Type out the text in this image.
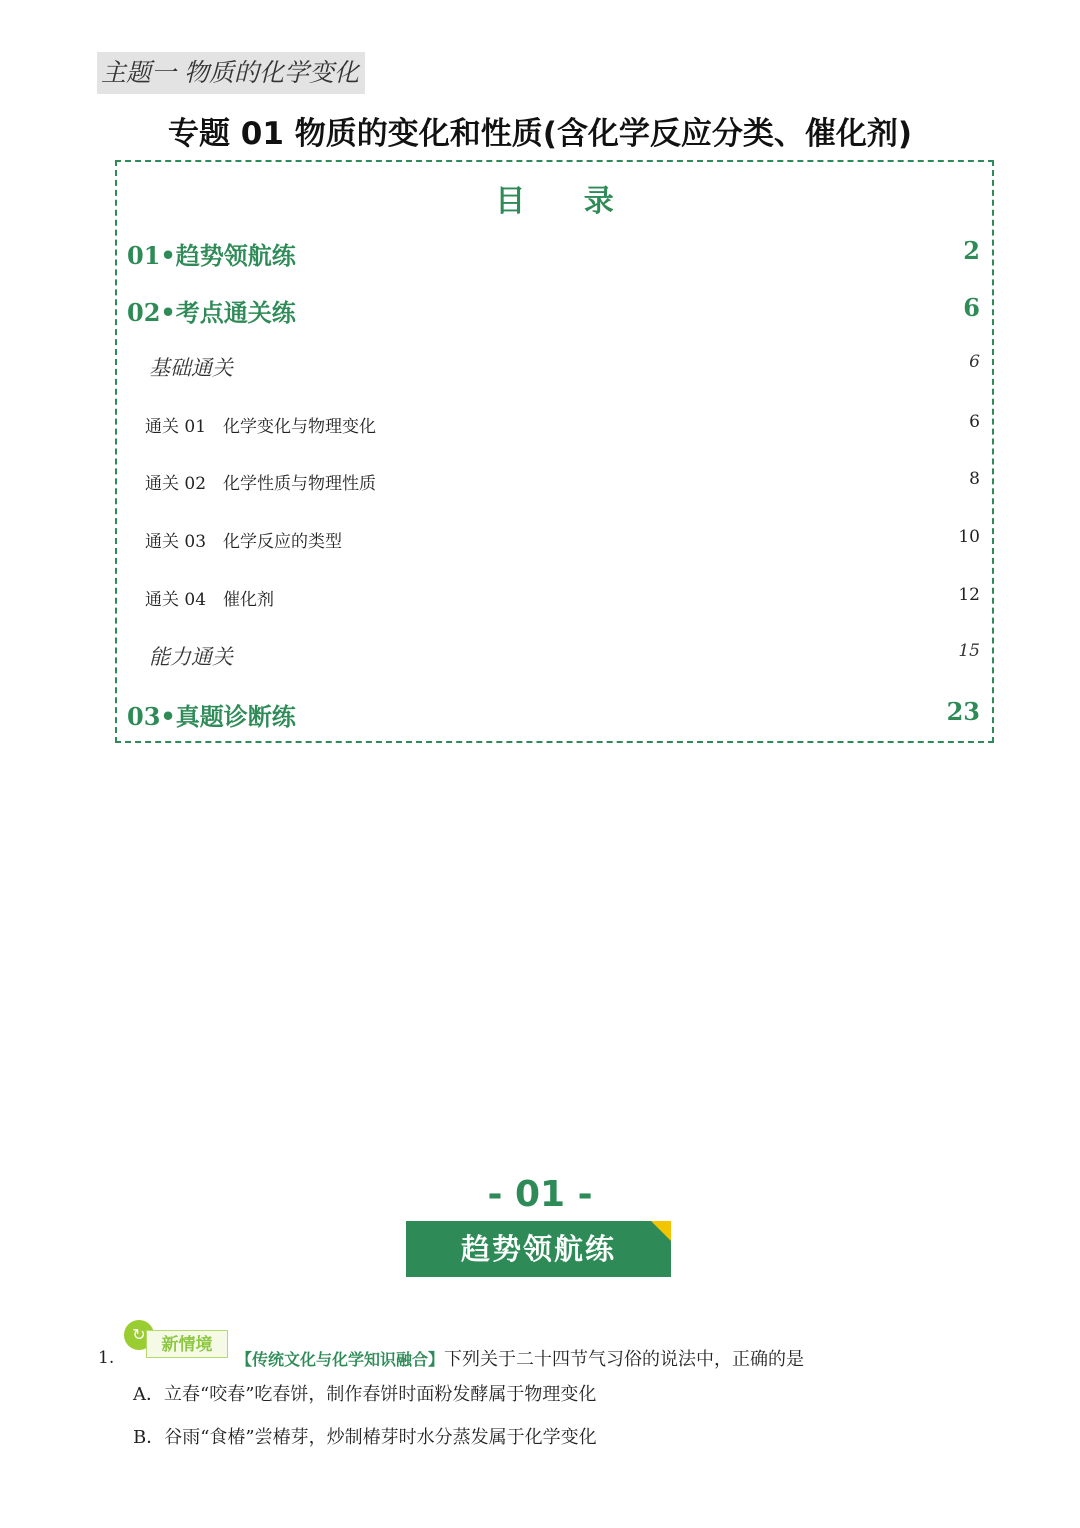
主题一 物质的化学变化
专题 01 物质的变化和性质(含化学反应分类、催化剂)
目 录
01•趋势领航练	2
02•考点通关练	6
基础通关	6
通关 01 化学变化与物理变化	6
通关 02 化学性质与物理性质	8
通关 03 化学反应的类型	10
通关 04 催化剂	12
能力通关	15
03•真题诊断练	23
- 01 -
趋势领航练
1.
↻
新情境
【传统文化与化学知识融合】下列关于二十四节气习俗的说法中，正确的是
A．立春“咬春”吃春饼，制作春饼时面粉发酵属于物理变化
B．谷雨“食椿”尝椿芽，炒制椿芽时水分蒸发属于化学变化
